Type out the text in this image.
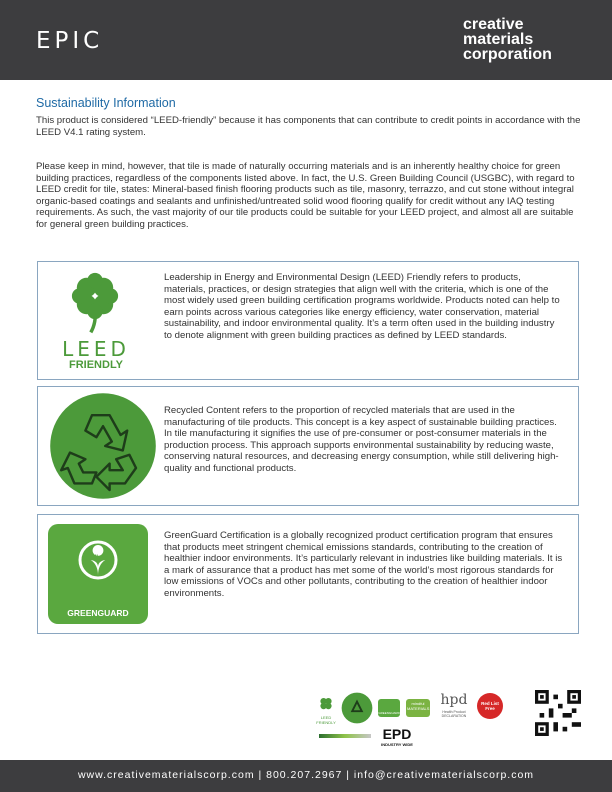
EPIC
creative
materials
corporation
Sustainability Information
This product is considered “LEED-friendly” because it has components that can contribute to credit points in accordance with the LEED V4.1 rating system.
Please keep in mind, however, that tile is made of naturally occurring materials and is an inherently healthy choice for green building practices, regardless of the components listed above. In fact, the U.S. Green Building Council (USGBC), with regard to LEED credit for tile, states: Mineral-based finish flooring products such as tile, masonry, terrazzo, and cut stone without integral organic-based coatings and sealants and unfinished/untreated solid wood flooring qualify for credit without any IAQ testing requirements. As such, the vast majority of our tile products could be suitable for your LEED project, and almost all are suitable for general green building practices.
LEED
FRIENDLY
Leadership in Energy and Environmental Design (LEED) Friendly refers to products, materials, practices, or design strategies that align well with the criteria, which is one of the most widely used green building certification programs worldwide. Products noted can help to earn points across various categories like energy efficiency, water conservation, material sustainability, and indoor environmental quality. It’s a term often used in the building industry to denote alignment with green building practices as defined by LEED standards.
Recycled Content refers to the proportion of recycled materials that are used in the manufacturing of tile products. This concept is a key aspect of sustainable building practices. In tile manufacturing it signifies the use of pre-consumer or post-consumer materials in the production process. This approach supports environmental sustainability by reducing waste, conserving natural resources, and decreasing energy consumption, while still delivering high-quality and functional products.
UL
GREENGUARD
GreenGuard Certification is a globally recognized product certification program that ensures that products meet stringent chemical emissions standards, contributing to the creation of healthier indoor environments. It’s particularly relevant in industries like building materials. It is a mark of assurance that a product has met some of the world’s most rigorous standards for low emissions of VOCs and other pollutants, contributing to the creation of healthier indoor environments.
LEED FRIENDLY
GREENGUARD
mindful MATERIALS
hpd
Health Product DECLARATION
Red List Free
EPD
INDUSTRY WIDE
www.creativematerialscorp.com | 800.207.2967 | info@creativematerialscorp.com
